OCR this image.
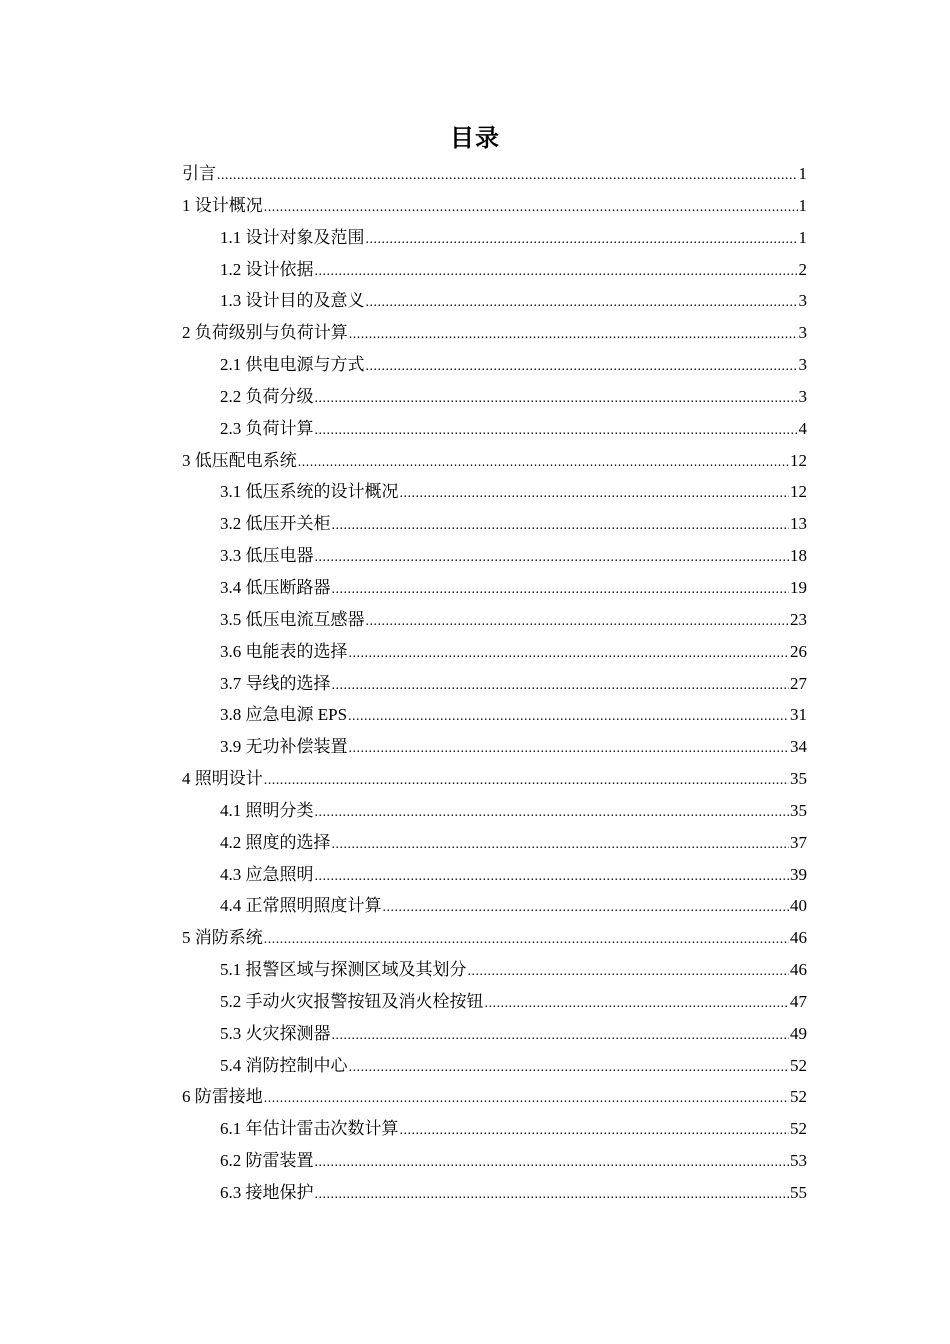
目录
引言 .....	1
1 设计概况 .....	1
1.1 设计对象及范围 .....	1
1.2 设计依据 .....	2
1.3 设计目的及意义 .....	3
2 负荷级别与负荷计算 .....	3
2.1 供电电源与方式 .....	3
2.2 负荷分级 .....	3
2.3 负荷计算 .....	4
3 低压配电系统 .....	12
3.1 低压系统的设计概况 .....	12
3.2 低压开关柜 .....	13
3.3 低压电器 .....	18
3.4 低压断路器 .....	19
3.5 低压电流互感器 .....	23
3.6 电能表的选择 .....	26
3.7 导线的选择 .....	27
3.8 应急电源 EPS .....	31
3.9 无功补偿装置 .....	34
4 照明设计 .....	35
4.1 照明分类 .....	35
4.2 照度的选择 .....	37
4.3 应急照明 .....	39
4.4 正常照明照度计算 .....	40
5 消防系统 .....	46
5.1 报警区域与探测区域及其划分 .....	46
5.2 手动火灾报警按钮及消火栓按钮 .....	47
5.3 火灾探测器 .....	49
5.4 消防控制中心 .....	52
6 防雷接地 .....	52
6.1 年估计雷击次数计算 .....	52
6.2 防雷装置 .....	53
6.3 接地保护 .....	55
